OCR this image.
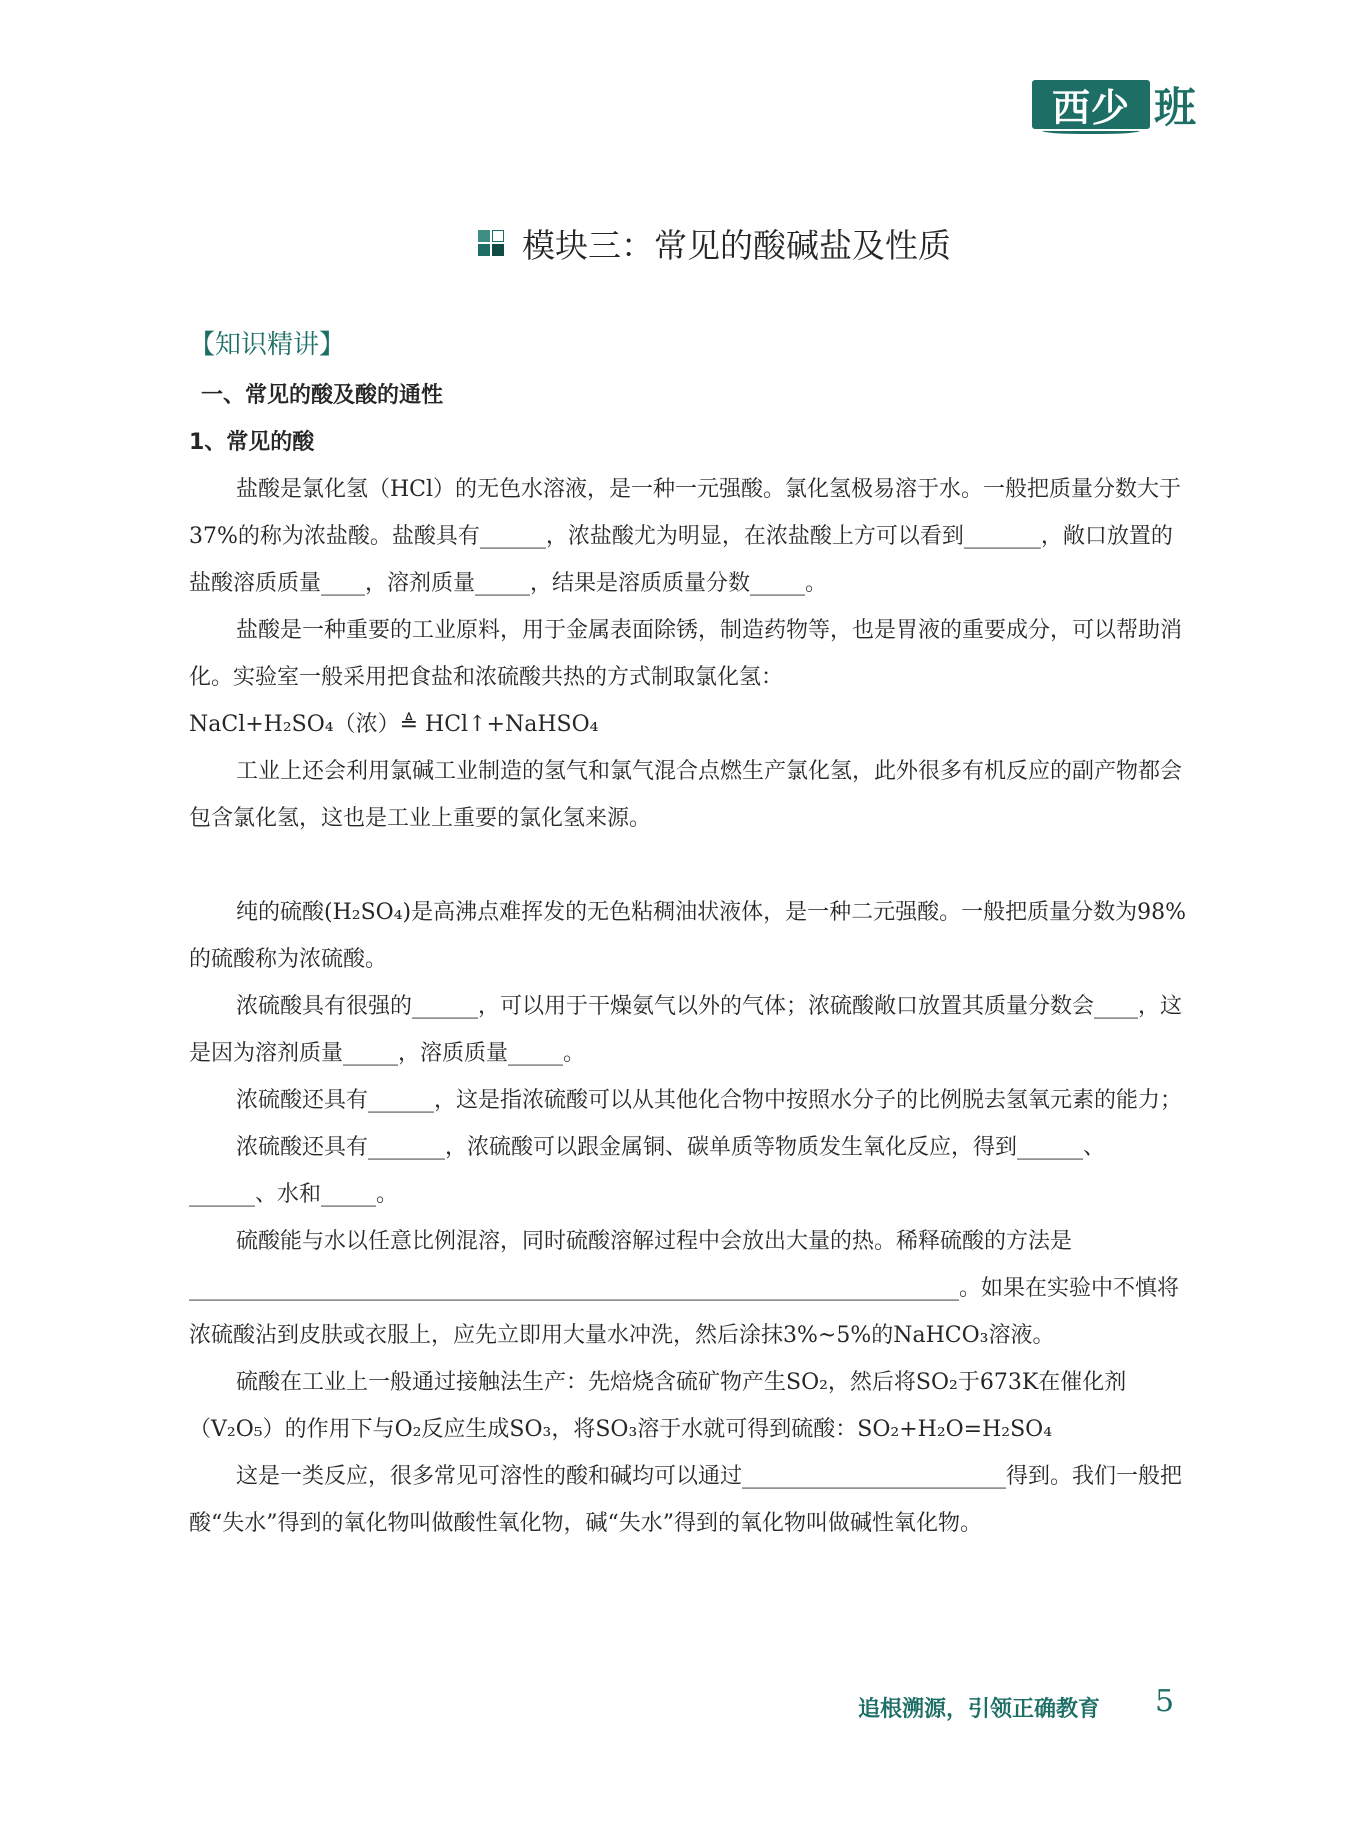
西少 班
模块三：常见的酸碱盐及性质
【知识精讲】
一、常见的酸及酸的通性
1、常见的酸

盐酸是氯化氢（HCl）的无色水溶液，是一种一元强酸。氯化氢极易溶于水。一般把质量分数大于37%的称为浓盐酸。盐酸具有______，浓盐酸尤为明显，在浓盐酸上方可以看到_______，敞口放置的盐酸溶质质量____，溶剂质量_____，结果是溶质质量分数_____。

盐酸是一种重要的工业原料，用于金属表面除锈，制造药物等，也是胃液的重要成分，可以帮助消化。实验室一般采用把食盐和浓硫酸共热的方式制取氯化氢：

NaCl+H₂SO₄（浓）≜ HCl↑+NaHSO₄

工业上还会利用氯碱工业制造的氢气和氯气混合点燃生产氯化氢，此外很多有机反应的副产物都会包含氯化氢，这也是工业上重要的氯化氢来源。

纯的硫酸(H₂SO₄)是高沸点难挥发的无色粘稠油状液体，是一种二元强酸。一般把质量分数为98%的硫酸称为浓硫酸。

浓硫酸具有很强的______，可以用于干燥氨气以外的气体；浓硫酸敞口放置其质量分数会____，这是因为溶剂质量_____，溶质质量_____。

浓硫酸还具有______，这是指浓硫酸可以从其他化合物中按照水分子的比例脱去氢氧元素的能力；

浓硫酸还具有_______，浓硫酸可以跟金属铜、碳单质等物质发生氧化反应，得到______、______、水和_____。

硫酸能与水以任意比例混溶，同时硫酸溶解过程中会放出大量的热。稀释硫酸的方法是______________________________________________________________________。如果在实验中不慎将浓硫酸沾到皮肤或衣服上，应先立即用大量水冲洗，然后涂抹3%~5%的NaHCO₃溶液。

硫酸在工业上一般通过接触法生产：先焙烧含硫矿物产生SO₂，然后将SO₂于673K在催化剂（V₂O₅）的作用下与O₂反应生成SO₃，将SO₃溶于水就可得到硫酸：SO₂+H₂O=H₂SO₄

这是一类反应，很多常见可溶性的酸和碱均可以通过________________________得到。我们一般把酸“失水”得到的氧化物叫做酸性氧化物，碱“失水”得到的氧化物叫做碱性氧化物。

追根溯源，引领正确教育 5
